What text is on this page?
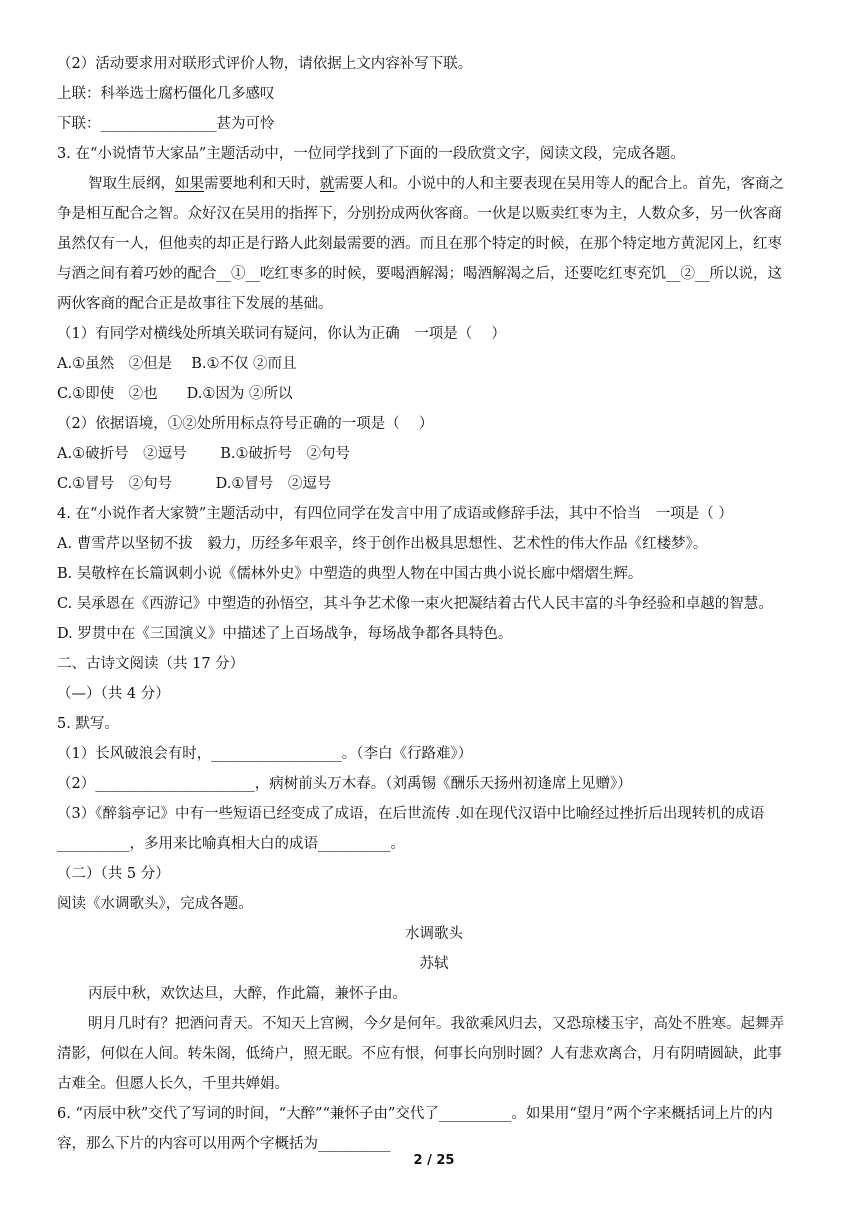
（2）活动要求用对联形式评价人物，请依据上文内容补写下联。
上联：科举选士腐朽僵化几多感叹
下联：________________甚为可怜
3. 在“小说情节大家品”主题活动中，一位同学找到了下面的一段欣赏文字，阅读文段，完成各题。
智取生辰纲，如果需要地利和天时，就需要人和。小说中的人和主要表现在吴用等人的配合上。首先，客商之
争是相互配合之智。众好汉在吴用的指挥下，分别扮成两伙客商。一伙是以贩卖红枣为主，人数众多，另一伙客商
虽然仅有一人，但他卖的却正是行路人此刻最需要的酒。而且在那个特定的时候，在那个特定地方黄泥冈上，红枣
与酒之间有着巧妙的配合__①__吃红枣多的时候，要喝酒解渴；喝酒解渴之后，还要吃红枣充饥__②__所以说，这
两伙客商的配合正是故事往下发展的基础。
（1）有同学对横线处所填关联词有疑问，你认为正确　一项是（　 ）
A.①虽然　②但是　 B.①不仅 ②而且
C.①即使　②也　　D.①因为 ②所以
（2）依据语境，①②处所用标点符号正确的一项是（　 ）
A.①破折号　②逗号　　 B.①破折号　②句号
C.①冒号　②句号　　　D.①冒号　②逗号
4. 在“小说作者大家赞”主题活动中，有四位同学在发言中用了成语或修辞手法，其中不恰当　一项是（ ）
A. 曹雪芹以坚韧不拔　毅力，历经多年艰辛，终于创作出极具思想性、艺术性的伟大作品《红楼梦》。
B. 吴敬梓在长篇讽刺小说《儒林外史》中塑造的典型人物在中国古典小说长廊中熠熠生辉。
C. 吴承恩在《西游记》中塑造的孙悟空，其斗争艺术像一束火把凝结着古代人民丰富的斗争经验和卓越的智慧。
D. 罗贯中在《三国演义》中描述了上百场战争，每场战争都各具特色。
二、古诗文阅读（共 17 分）
（—）（共 4 分）
5. 默写。
（1）长风破浪会有时，__________________。（李白《行路难》）
（2）______________________，病树前头万木春。（刘禹锡《酬乐天扬州初逢席上见赠》）
（3）《醉翁亭记》中有一些短语已经变成了成语，在后世流传 .如在现代汉语中比喻经过挫折后出现转机的成语
__________，多用来比喻真相大白的成语__________。
（二）（共 5 分）
阅读《水调歌头》，完成各题。
水调歌头
苏轼
丙辰中秋，欢饮达旦，大醉，作此篇，兼怀子由。
明月几时有？把酒问青天。不知天上宫阙，今夕是何年。我欲乘风归去，又恐琼楼玉宇，高处不胜寒。起舞弄
清影，何似在人间。转朱阁，低绮户，照无眠。不应有恨，何事长向别时圆？人有悲欢离合，月有阴晴圆缺，此事
古难全。但愿人长久，千里共婵娟。
6. “丙辰中秋”交代了写词的时间，“大醉”“兼怀子由”交代了__________。如果用“望月”两个字来概括词上片的内
容，那么下片的内容可以用两个字概括为__________
2 / 25
